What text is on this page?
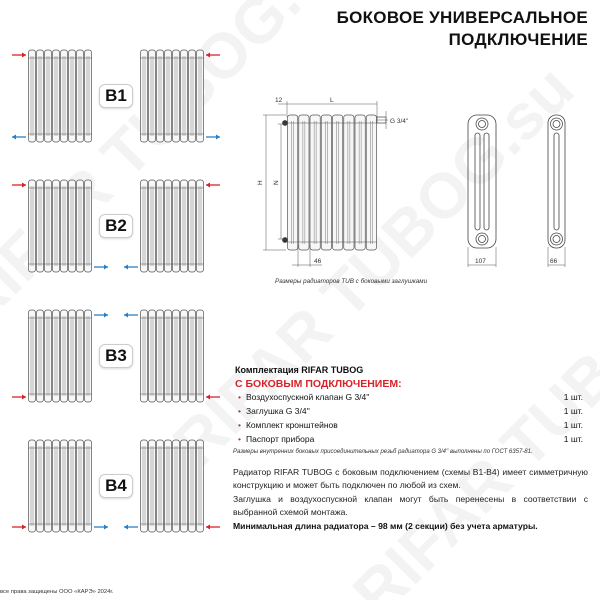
БОКОВОЕ УНИВЕРСАЛЬНОЕ
ПОДКЛЮЧЕНИЕ
B1
B2
B3
B4
12	L
G 3/4''
H N
46	107	66
Размеры радиаторов TUB с боковыми заглушками
Комплектация RIFAR TUBOG
С БОКОВЫМ ПОДКЛЮЧЕНИЕМ:
• Воздухоспускной клапан G 3/4''	1 шт.
• Заглушка G 3/4''	1 шт.
• Комплект кронштейнов	1 шт.
• Паспорт прибора	1 шт.
Размеры внутренних боковых присоединительных резьб радиатора G 3/4'' выполнены по ГОСТ 6357-81.
Радиатор RIFAR TUBOG с боковым подключением (схемы В1-В4) имеет симметричную конструкцию и может быть подключен по любой из схем.
Заглушка и воздухоспускной клапан могут быть перенесены в соответствии с выбранной схемой монтажа.
Минимальная длина радиатора – 98 мм (2 секции) без учета арматуры.
все права защищены ООО «КАРЭ» 2024г.
